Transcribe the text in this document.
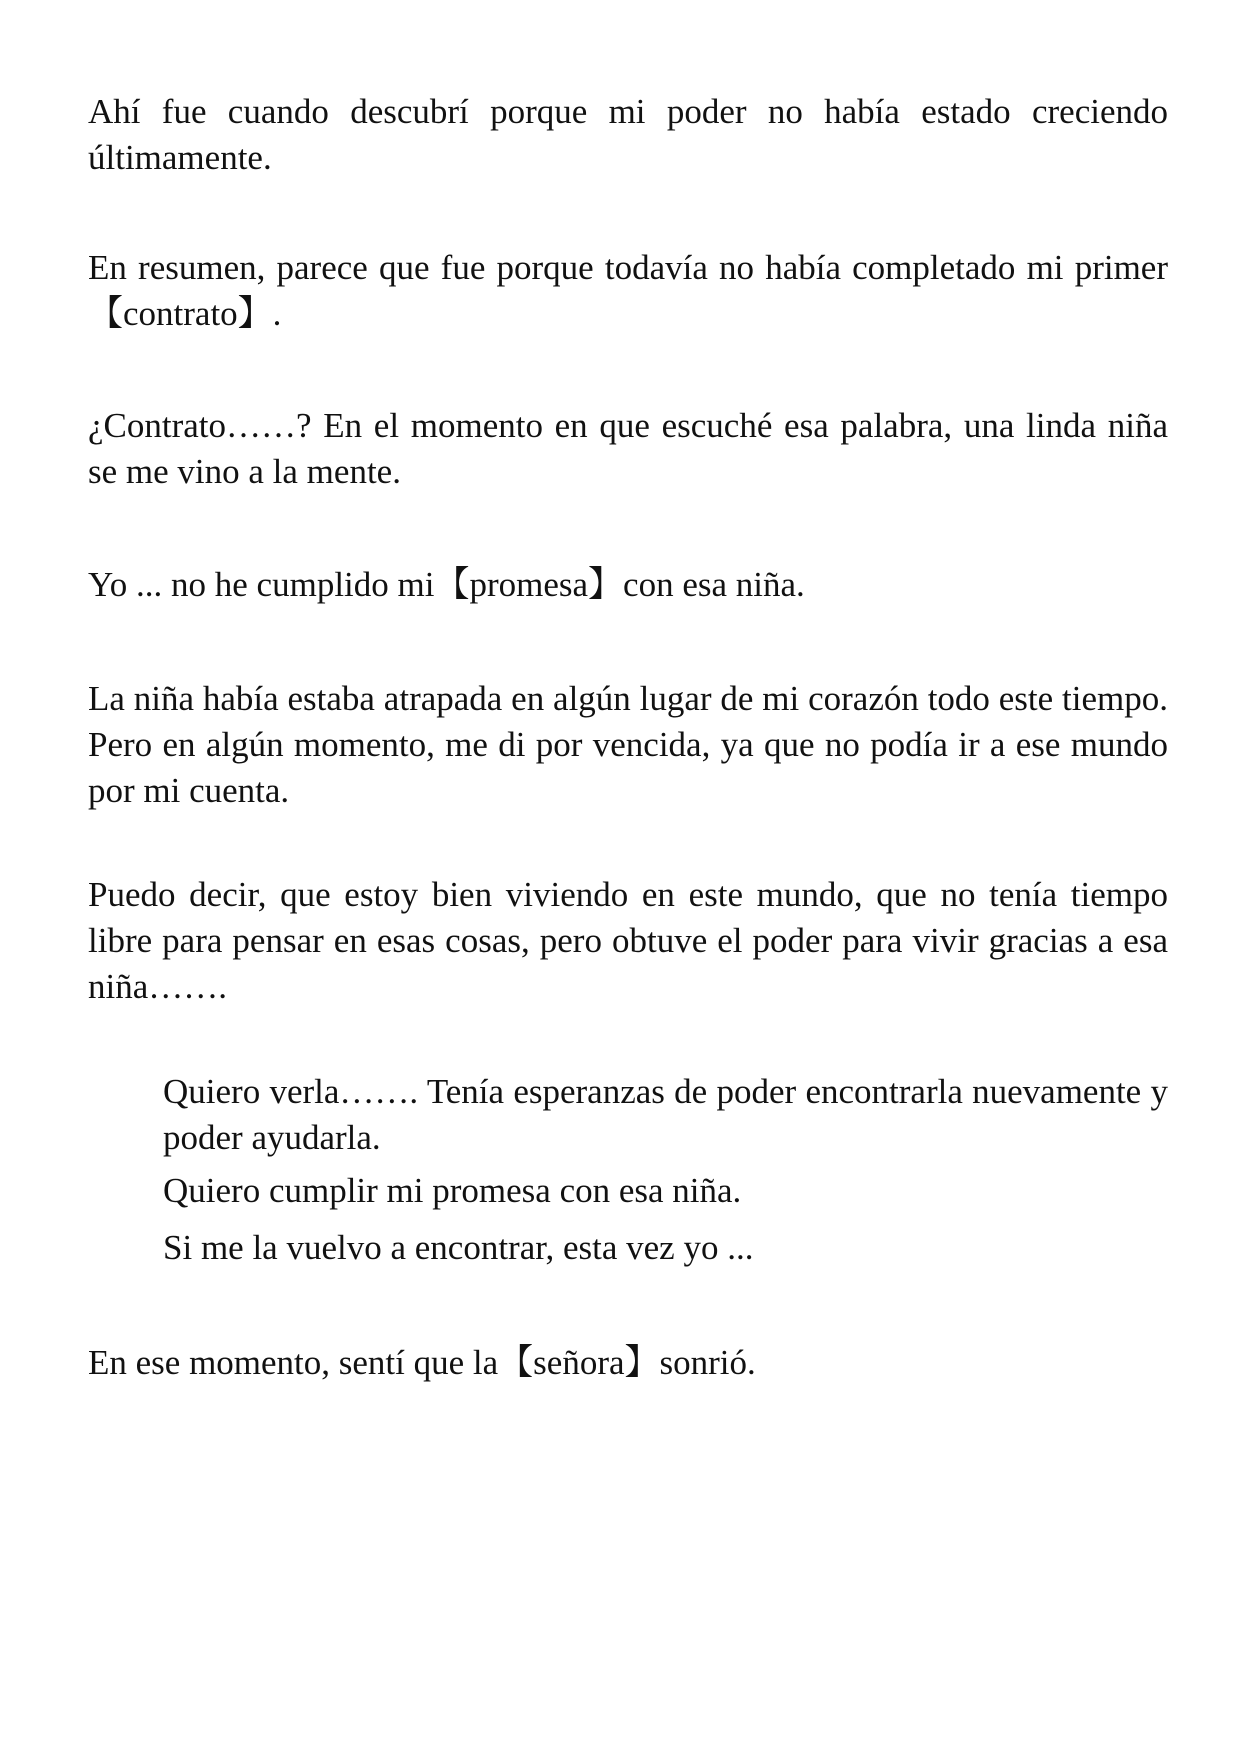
Ahí fue cuando descubrí porque mi poder no había estado creciendo últimamente.

En resumen, parece que fue porque todavía no había completado mi primer【contrato】.

¿Contrato……? En el momento en que escuché esa palabra, una linda niña se me vino a la mente.

Yo ... no he cumplido mi【promesa】con esa niña.

La niña había estaba atrapada en algún lugar de mi corazón todo este tiempo. Pero en algún momento, me di por vencida, ya que no podía ir a ese mundo por mi cuenta.

Puedo decir, que estoy bien viviendo en este mundo, que no tenía tiempo libre para pensar en esas cosas, pero obtuve el poder para vivir gracias a esa niña…….

Quiero verla……. Tenía esperanzas de poder encontrarla nuevamente y poder ayudarla.

Quiero cumplir mi promesa con esa niña.

Si me la vuelvo a encontrar, esta vez yo ...

En ese momento, sentí que la【señora】sonrió.
